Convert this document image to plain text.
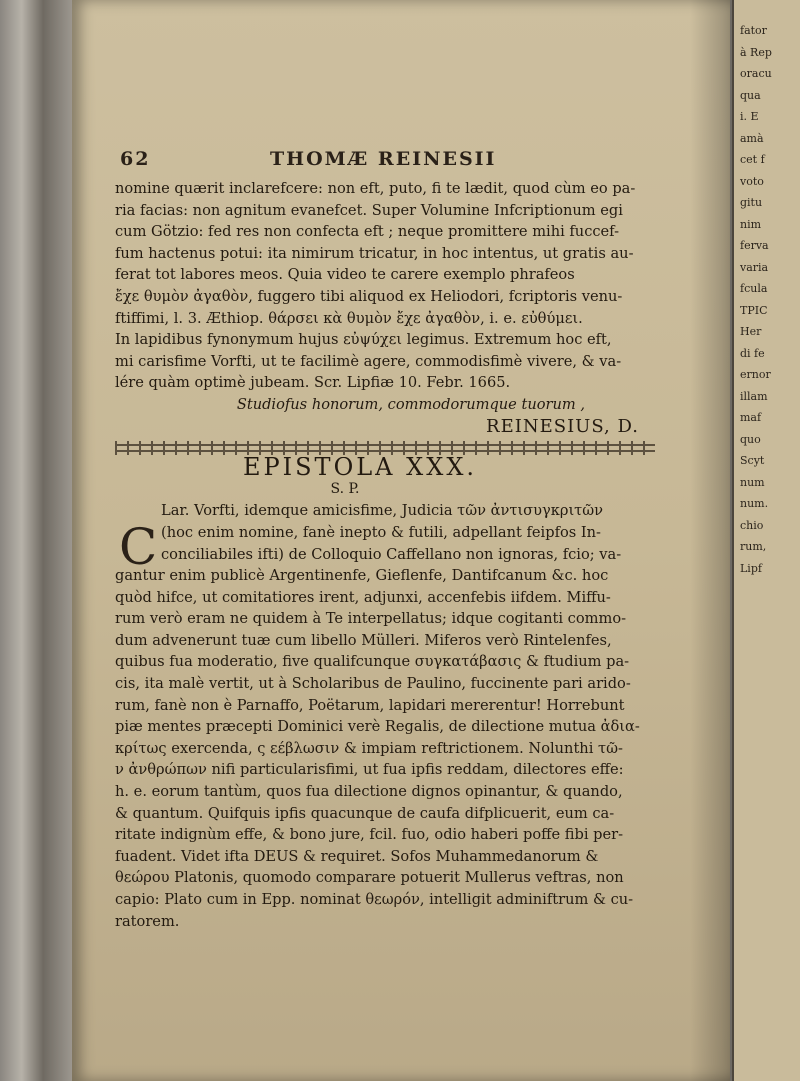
fator
à Rep
oracu
qua
i. E
amà
cet f
voto
gitu
nim
ferva
varia
fcula
TPIC
Her
di fe
ernor
illam
maf
quo
Scyt
num
num.
chio
rum,
Lipf
62	THOMÆ REINESII
nomine quærit inclarefcere: non eft, puto, fi te lædit, quod cùm eo pa-
ria facias: non agnitum evanefcet. Super Volumine Infcriptionum egi
cum Götzio: fed res non confecta eft ; neque promittere mihi fuccef-
fum hactenus potui: ita nimirum tricatur, in hoc intentus, ut gratis au-
ferat tot labores meos. Quia video te carere exemplo phrafeos
ἔχε θυμὸν ἀγαθὸν, fuggero tibi aliquod ex Heliodori, fcriptoris venu-
ftiffimi, l. 3. Æthiop. θάρσει κὰ θυμὸν ἔχε ἀγαθὸν, i. e. εὐθύμει.
In lapidibus fynonymum hujus εὐψύχει legimus. Extremum hoc eft,
mi carisfime Vorfti, ut te facilimè agere, commodisfimè vivere, & va-
lére quàm optimè jubeam. Scr. Lipfiæ 10. Febr. 1665.
Studiofus honorum, commodorumque tuorum ,
REINESIUS, D.
EPISTOLA XXX.
S. P.
C
Lar. Vorfti, idemque amicisfime, Judicia τῶν ἀντισυγκριτῶν
(hoc enim nomine, fanè inepto & futili, adpellant feipfos In-
conciliabiles ifti) de Colloquio Caffellano non ignoras, fcio; va-
gantur enim publicè Argentinenfe, Gieflenfe, Dantifcanum &c. hoc
quòd hifce, ut comitatiores irent, adjunxi, accenfebis iifdem. Miffu-
rum verò eram ne quidem à Te interpellatus; idque cogitanti commo-
dum advenerunt tuæ cum libello Mülleri. Miferos verò Rintelenfes,
quibus fua moderatio, five qualifcunque συγκατάβασις & ftudium pa-
cis, ita malè vertit, ut à Scholaribus de Paulino, fuccinente pari arido-
rum, fanè non è Parnaffo, Poëtarum, lapidari mererentur! Horrebunt
piæ mentes præcepti Dominici verè Regalis, de dilectione mutua ἀδια-
κρίτως exercenda, ς εέβλωσιν & impiam reftrictionem. Nolunthi τῶ-
ν ἀνθρώπων nifi particularisfimi, ut fua ipfis reddam, dilectores effe:
h. e. eorum tantùm, quos fua dilectione dignos opinantur, & quando,
& quantum. Quifquis ipfis quacunque de caufa difplicuerit, eum ca-
ritate indignùm effe, & bono jure, fcil. fuo, odio haberi poffe fibi per-
fuadent. Videt ifta DEUS & requiret. Sofos Muhammedanorum &
θεώρου Platonis, quomodo comparare potuerit Mullerus veftras, non
capio: Plato cum in Epp. nominat θεωρόν, intelligit adminiftrum & cu-
ratorem.
